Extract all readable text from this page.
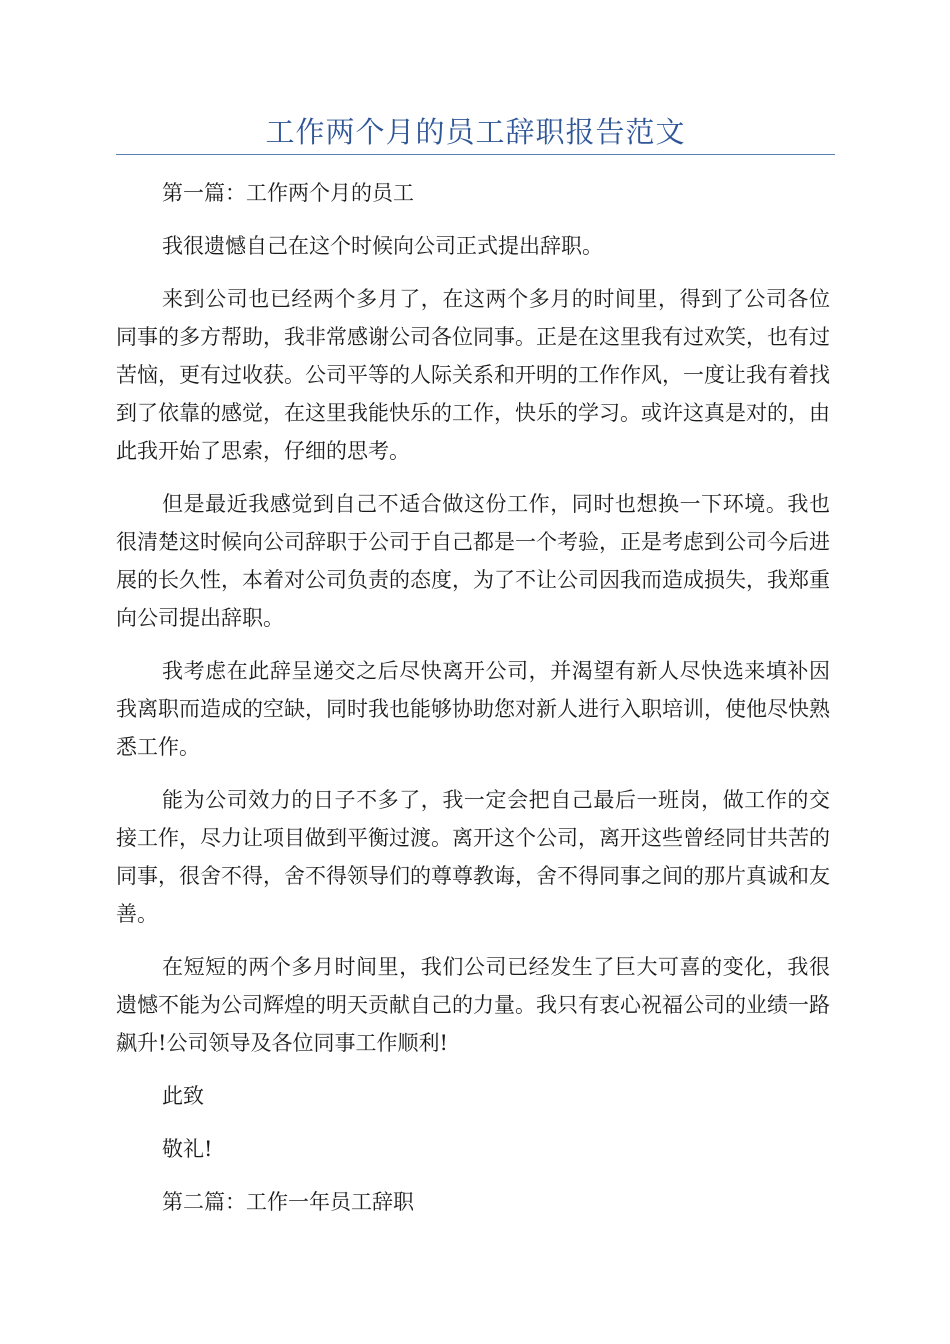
工作两个月的员工辞职报告范文

第一篇：工作两个月的员工

我很遗憾自己在这个时候向公司正式提出辞职。

来到公司也已经两个多月了，在这两个多月的时间里，得到了公司各位同事的多方帮助，我非常感谢公司各位同事。正是在这里我有过欢笑，也有过苦恼，更有过收获。公司平等的人际关系和开明的工作作风，一度让我有着找到了依靠的感觉，在这里我能快乐的工作，快乐的学习。或许这真是对的，由此我开始了思索，仔细的思考。

但是最近我感觉到自己不适合做这份工作，同时也想换一下环境。我也很清楚这时候向公司辞职于公司于自己都是一个考验，正是考虑到公司今后进展的长久性，本着对公司负责的态度，为了不让公司因我而造成损失，我郑重向公司提出辞职。

我考虑在此辞呈递交之后尽快离开公司，并渴望有新人尽快选来填补因我离职而造成的空缺，同时我也能够协助您对新人进行入职培训，使他尽快熟悉工作。

能为公司效力的日子不多了，我一定会把自己最后一班岗，做工作的交接工作，尽力让项目做到平衡过渡。离开这个公司，离开这些曾经同甘共苦的同事，很舍不得，舍不得领导们的尊尊教诲，舍不得同事之间的那片真诚和友善。

在短短的两个多月时间里，我们公司已经发生了巨大可喜的变化，我很遗憾不能为公司辉煌的明天贡献自己的力量。我只有衷心祝福公司的业绩一路飙升!公司领导及各位同事工作顺利!

此致

敬礼!

第二篇：工作一年员工辞职
